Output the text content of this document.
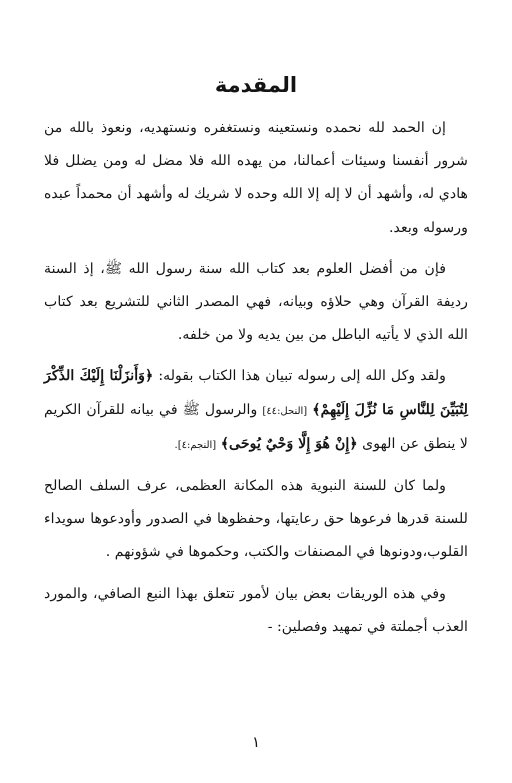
المقدمة

إن الحمد لله نحمده ونستعينه ونستغفره ونستهديه، ونعوذ بالله من شرور أنفسنا وسيئات أعمالنا، من يهده الله فلا مضل له ومن يضلل فلا هادي له، وأشهد أن لا إله إلا الله وحده لا شريك له وأشهد أن محمداً عبده ورسوله وبعد.

فإن من أفضل العلوم بعد كتاب الله سنة رسول الله ﷺ، إذ السنة رديفة القرآن وهي حلاؤه وبيانه، فهي المصدر الثاني للتشريع بعد كتاب الله الذي لا يأتيه الباطل من بين يديه ولا من خلفه.

ولقد وكل الله إلى رسوله تبيان هذا الكتاب بقوله: ﴿وَأَنزَلْنَا إِلَيْكَ الذِّكْرَ لِتُبَيِّنَ لِلنَّاسِ مَا نُزِّلَ إِلَيْهِمْ﴾ [النحل:٤٤] والرسول ﷺ في بيانه للقرآن الكريم لا ينطق عن الهوى ﴿إِنْ هُوَ إِلَّا وَحْيٌ يُوحَى﴾ [النجم:٤].

ولما كان للسنة النبوية هذه المكانة العظمى، عرف السلف الصالح للسنة قدرها فرعوها حق رعايتها، وحفظوها في الصدور وأودعوها سويداء القلوب،ودونوها في المصنفات والكتب، وحكموها في شؤونهم .

وفي هذه الوريقات بعض بيان لأمور تتعلق بهذا النبع الصافي، والمورد العذب أجملتة في تمهيد وفصلين: -

١
